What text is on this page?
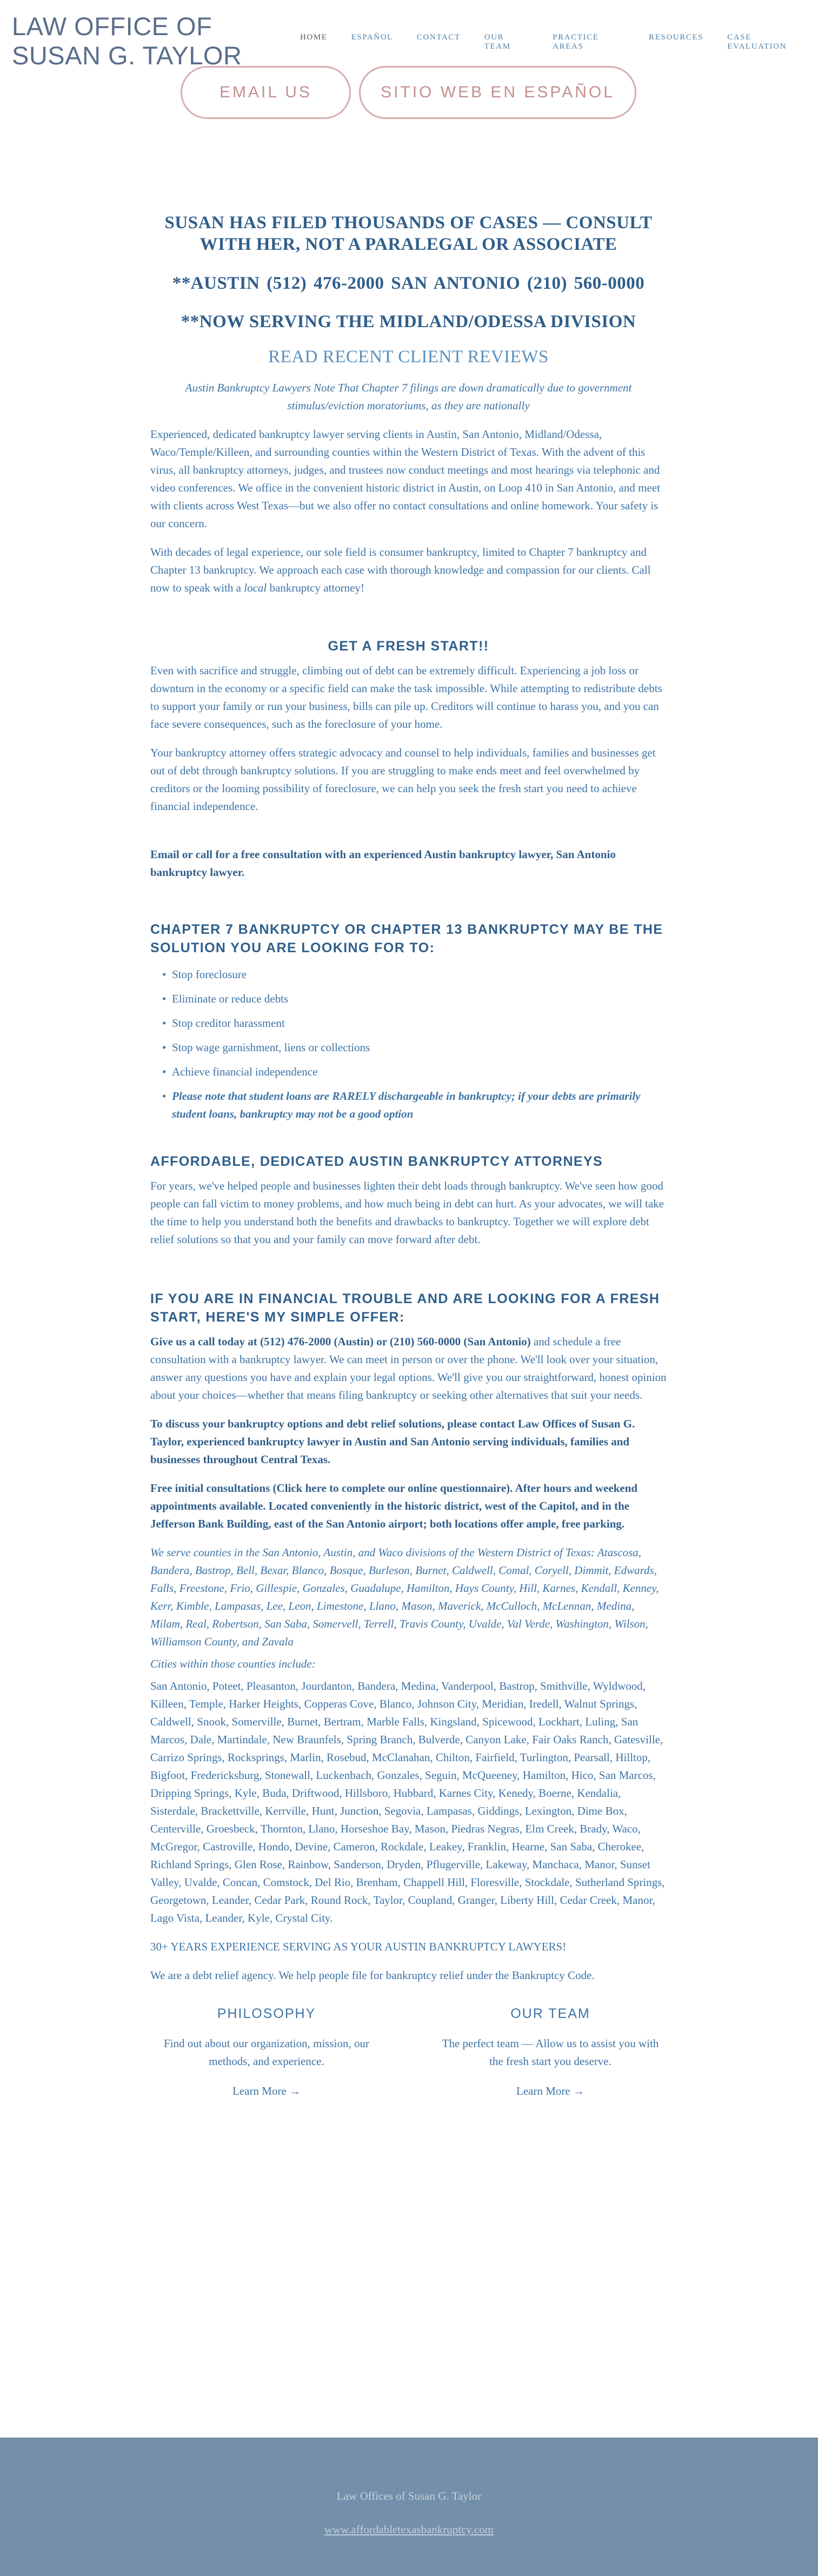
LAW OFFICE OF
SUSAN G. TAYLOR
HOME	ESPAÑOL	CONTACT	OUR TEAM
PRACTICE AREAS
RESOURCES	CASE EVALUATION
EMAIL US	SITIO WEB EN ESPAÑOL
SUSAN HAS FILED THOUSANDS OF CASES — CONSULT WITH HER, NOT A PARALEGAL OR ASSOCIATE
**AUSTIN (512) 476-2000 SAN ANTONIO (210) 560-0000
**NOW SERVING THE MIDLAND/ODESSA DIVISION
READ RECENT CLIENT REVIEWS
Austin Bankruptcy Lawyers Note That Chapter 7 filings are down dramatically due to government stimulus/eviction moratoriums, as they are nationally

Experienced, dedicated bankruptcy lawyer serving clients in Austin, San Antonio, Midland/Odessa, Waco/Temple/Killeen, and surrounding counties within the Western District of Texas. With the advent of this virus, all bankruptcy attorneys, judges, and trustees now conduct meetings and most hearings via telephonic and video conferences. We office in the convenient historic district in Austin, on Loop 410 in San Antonio, and meet with clients across West Texas—but we also offer no contact consultations and online homework. Your safety is our concern.

With decades of legal experience, our sole field is consumer bankruptcy, limited to Chapter 7 bankruptcy and Chapter 13 bankruptcy. We approach each case with thorough knowledge and compassion for our clients. Call now to speak with a local bankruptcy attorney!

GET A FRESH START!!

Even with sacrifice and struggle, climbing out of debt can be extremely difficult. Experiencing a job loss or downturn in the economy or a specific field can make the task impossible. While attempting to redistribute debts to support your family or run your business, bills can pile up. Creditors will continue to harass you, and you can face severe consequences, such as the foreclosure of your home.

Your bankruptcy attorney offers strategic advocacy and counsel to help individuals, families and businesses get out of debt through bankruptcy solutions. If you are struggling to make ends meet and feel overwhelmed by creditors or the looming possibility of foreclosure, we can help you seek the fresh start you need to achieve financial independence.

Email or call for a free consultation with an experienced Austin bankruptcy lawyer, San Antonio bankruptcy lawyer.

CHAPTER 7 BANKRUPTCY OR CHAPTER 13 BANKRUPTCY MAY BE THE SOLUTION YOU ARE LOOKING FOR TO:
• Stop foreclosure
• Eliminate or reduce debts
• Stop creditor harassment
• Stop wage garnishment, liens or collections
• Achieve financial independence
• Please note that student loans are RARELY dischargeable in bankruptcy; if your debts are primarily student loans, bankruptcy may not be a good option
AFFORDABLE, DEDICATED AUSTIN BANKRUPTCY ATTORNEYS

For years, we've helped people and businesses lighten their debt loads through bankruptcy. We've seen how good people can fall victim to money problems, and how much being in debt can hurt. As your advocates, we will take the time to help you understand both the benefits and drawbacks to bankruptcy. Together we will explore debt relief solutions so that you and your family can move forward after debt.

IF YOU ARE IN FINANCIAL TROUBLE AND ARE LOOKING FOR A FRESH START, HERE'S MY SIMPLE OFFER:

Give us a call today at (512) 476-2000 (Austin) or (210) 560-0000 (San Antonio) and schedule a free consultation with a bankruptcy lawyer. We can meet in person or over the phone. We'll look over your situation, answer any questions you have and explain your legal options. We'll give you our straightforward, honest opinion about your choices—whether that means filing bankruptcy or seeking other alternatives that suit your needs.

To discuss your bankruptcy options and debt relief solutions, please contact Law Offices of Susan G. Taylor, experienced bankruptcy lawyer in Austin and San Antonio serving individuals, families and businesses throughout Central Texas.

Free initial consultations (Click here to complete our online questionnaire). After hours and weekend appointments available. Located conveniently in the historic district, west of the Capitol, and in the Jefferson Bank Building, east of the San Antonio airport; both locations offer ample, free parking.

We serve counties in the San Antonio, Austin, and Waco divisions of the Western District of Texas: Atascosa, Bandera, Bastrop, Bell, Bexar, Blanco, Bosque, Burleson, Burnet, Caldwell, Comal, Coryell, Dimmit, Edwards, Falls, Freestone, Frio, Gillespie, Gonzales, Guadalupe, Hamilton, Hays County, Hill, Karnes, Kendall, Kenney, Kerr, Kimble, Lampasas, Lee, Leon, Limestone, Llano, Mason, Maverick, McCulloch, McLennan, Medina, Milam, Real, Robertson, San Saba, Somervell, Terrell, Travis County, Uvalde, Val Verde, Washington, Wilson, Williamson County, and Zavala

Cities within those counties include:

San Antonio, Poteet, Pleasanton, Jourdanton, Bandera, Medina, Vanderpool, Bastrop, Smithville, Wyldwood, Killeen, Temple, Harker Heights, Copperas Cove, Blanco, Johnson City, Meridian, Iredell, Walnut Springs, Caldwell, Snook, Somerville, Burnet, Bertram, Marble Falls, Kingsland, Spicewood, Lockhart, Luling, San Marcos, Dale, Martindale, New Braunfels, Spring Branch, Bulverde, Canyon Lake, Fair Oaks Ranch, Gatesville, Carrizo Springs, Rocksprings, Marlin, Rosebud, McClanahan, Chilton, Fairfield, Turlington, Pearsall, Hilltop, Bigfoot, Fredericksburg, Stonewall, Luckenbach, Gonzales, Seguin, McQueeney, Hamilton, Hico, San Marcos, Dripping Springs, Kyle, Buda, Driftwood, Hillsboro, Hubbard, Karnes City, Kenedy, Boerne, Kendalia, Sisterdale, Brackettville, Kerrville, Hunt, Junction, Segovia, Lampasas, Giddings, Lexington, Dime Box, Centerville, Groesbeck, Thornton, Llano, Horseshoe Bay, Mason, Piedras Negras, Elm Creek, Brady, Waco, McGregor, Castroville, Hondo, Devine, Cameron, Rockdale, Leakey, Franklin, Hearne, San Saba, Cherokee, Richland Springs, Glen Rose, Rainbow, Sanderson, Dryden, Pflugerville, Lakeway, Manchaca, Manor, Sunset Valley, Uvalde, Concan, Comstock, Del Rio, Brenham, Chappell Hill, Floresville, Stockdale, Sutherland Springs, Georgetown, Leander, Cedar Park, Round Rock, Taylor, Coupland, Granger, Liberty Hill, Cedar Creek, Manor, Lago Vista, Leander, Kyle, Crystal City.

30+ YEARS EXPERIENCE SERVING AS YOUR AUSTIN BANKRUPTCY LAWYERS!

We are a debt relief agency. We help people file for bankruptcy relief under the Bankruptcy Code.

PHILOSOPHY
Find out about our organization, mission, our methods, and experience.
Learn More →
OUR TEAM
The perfect team — Allow us to assist you with the fresh start you deserve.
Learn More →
Law Offices of Susan G. Taylor
www.affordabletexasbankruptcy.com
